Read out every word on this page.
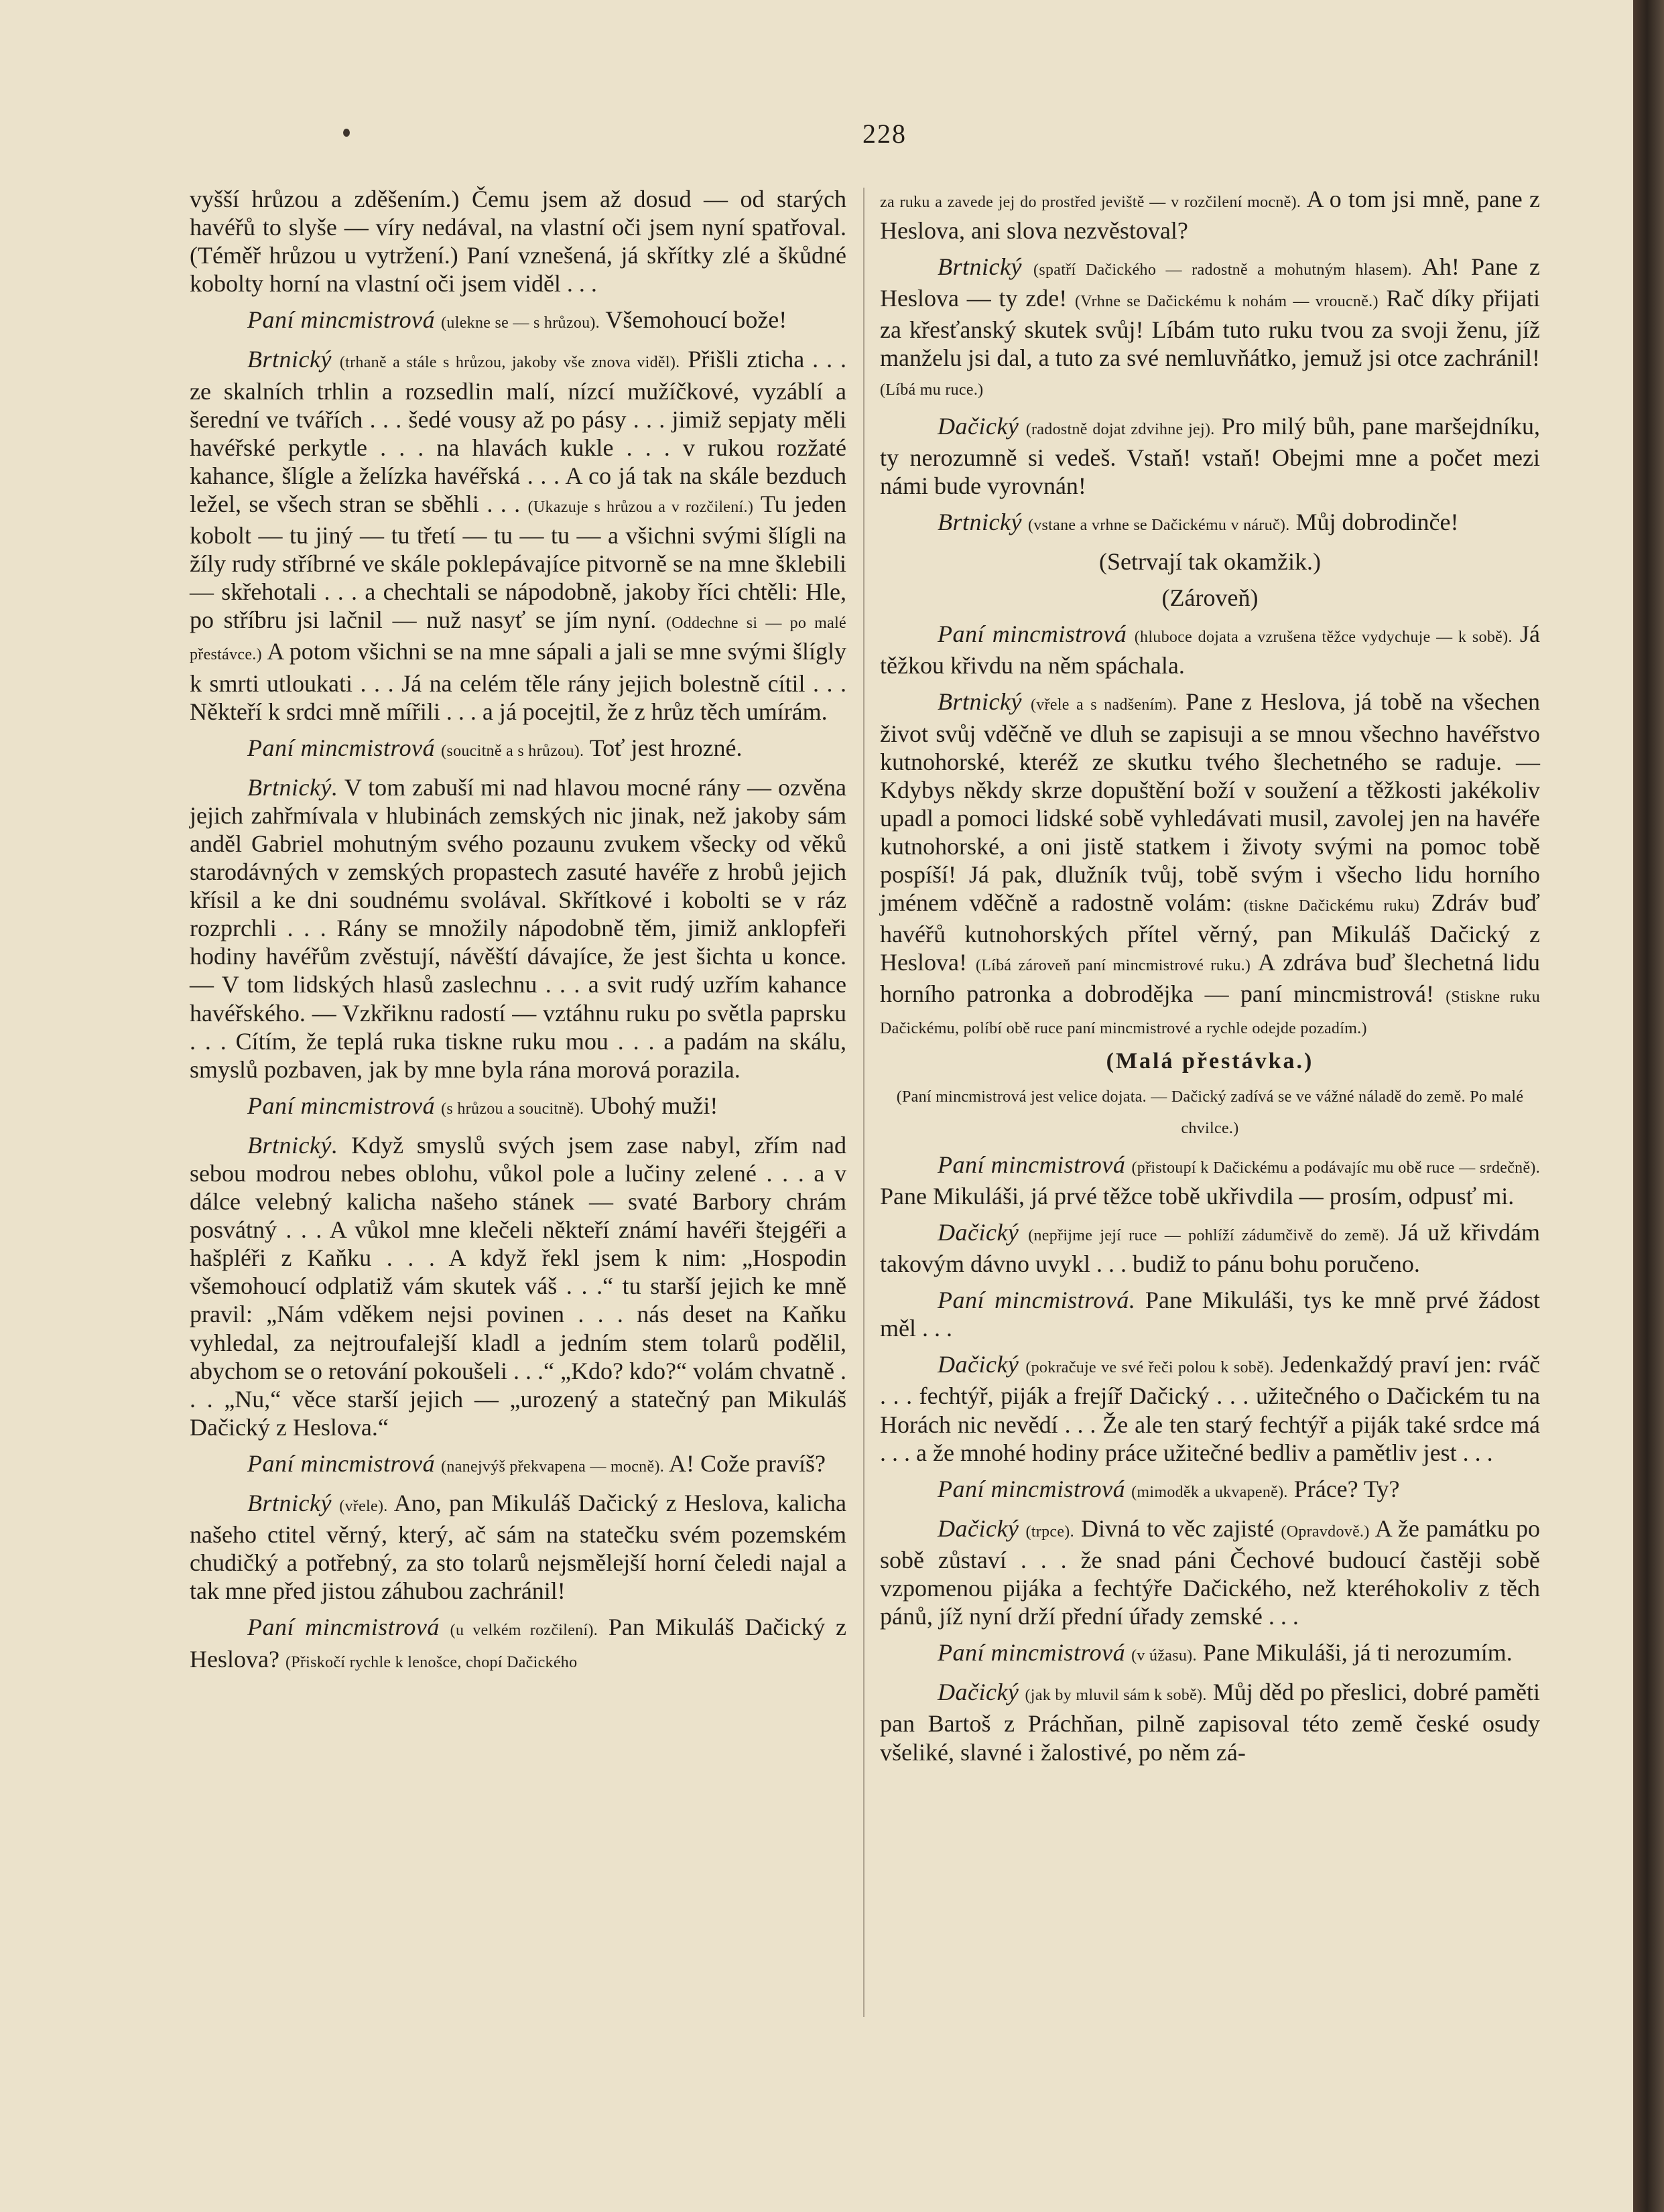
228

vyšší hrůzou a zděšením.) Čemu jsem až dosud — od starých havéřů to slyše — víry nedával, na vlastní oči jsem nyní spatřoval. (Téměř hrůzou u vytržení.) Paní vznešená, já skřítky zlé a škůdné kobolty horní na vlastní oči jsem viděl . . .

Paní mincmistrová (ulekne se — s hrůzou). Všemohoucí bože!

Brtnický (trhaně a stále s hrůzou, jakoby vše znova viděl). Přišli zticha . . . ze skalních trhlin a rozsedlin malí, nízcí mužíčkové, vyzáblí a šerední ve tvářích . . . šedé vousy až po pásy . . . jimiž sepjaty měli havéřské perkytle . . . na hlavách kukle . . . v rukou rozžaté kahance, šlígle a želízka havéřská . . . A co já tak na skále bezduch ležel, se všech stran se sběhli . . . (Ukazuje s hrůzou a v rozčilení.) Tu jeden kobolt — tu jiný — tu třetí — tu — tu — a všichni svými šlígli na žíly rudy stříbrné ve skále poklepávajíce pitvorně se na mne šklebili — skřehotali . . . a chechtali se nápodobně, jakoby říci chtěli: Hle, po stříbru jsi lačnil — nuž nasyť se jím nyní. (Oddechne si — po malé přestávce.) A potom všichni se na mne sápali a jali se mne svými šlígly k smrti utloukati . . . Já na celém těle rány jejich bolestně cítil . . . Někteří k srdci mně mířili . . . a já pocejtil, že z hrůz těch umírám.

Paní mincmistrová (soucitně a s hrůzou). Toť jest hrozné.

Brtnický. V tom zabuší mi nad hlavou mocné rány — ozvěna jejich zahřmívala v hlubinách zemských nic jinak, než jakoby sám anděl Gabriel mohutným svého pozaunu zvukem všecky od věků starodávných v zemských propastech zasuté havéře z hrobů jejich křísil a ke dni soudnému svolával. Skřítkové i kobolti se v ráz rozprchli . . . Rány se množily nápodobně těm, jimiž anklopfeři hodiny havéřům zvěstují, návěští dávajíce, že jest šichta u konce. — V tom lidských hlasů zaslechnu . . . a svit rudý uzřím kahance havéřského. — Vzkřiknu radostí — vztáhnu ruku po světla paprsku . . . Cítím, že teplá ruka tiskne ruku mou . . . a padám na skálu, smyslů pozbaven, jak by mne byla rána morová porazila.

Paní mincmistrová (s hrůzou a soucitně). Ubohý muži!

Brtnický. Když smyslů svých jsem zase nabyl, zřím nad sebou modrou nebes oblohu, vůkol pole a lučiny zelené . . . a v dálce velebný kalicha našeho stánek — svaté Barbory chrám posvátný . . . A vůkol mne klečeli někteří známí havéři štejgéři a hašpléři z Kaňku . . . A když řekl jsem k nim: „Hospodin všemohoucí odplatiž vám skutek váš . . .“ tu starší jejich ke mně pravil: „Nám vděkem nejsi povinen . . . nás deset na Kaňku vyhledal, za nejtroufalejší kladl a jedním stem tolarů podělil, abychom se o retování pokoušeli . . .“ „Kdo? kdo?“ volám chvatně . . . „Nu,“ věce starší jejich — „urozený a statečný pan Mikuláš Dačický z Heslova.“

Paní mincmistrová (nanejvýš překvapena — mocně). A! Cože pravíš?

Brtnický (vřele). Ano, pan Mikuláš Dačický z Heslova, kalicha našeho ctitel věrný, který, ač sám na statečku svém pozemském chudičký a potřebný, za sto tolarů nejsmělejší horní čeledi najal a tak mne před jistou záhubou zachránil!

Paní mincmistrová (u velkém rozčilení). Pan Mikuláš Dačický z Heslova? (Přiskočí rychle k lenošce, chopí Dačického

za ruku a zavede jej do prostřed jeviště — v rozčilení mocně). A o tom jsi mně, pane z Heslova, ani slova nezvěstoval?

Brtnický (spatří Dačického — radostně a mohutným hlasem). Ah! Pane z Heslova — ty zde! (Vrhne se Dačickému k nohám — vroucně.) Rač díky přijati za křesťanský skutek svůj! Líbám tuto ruku tvou za svoji ženu, jíž manželu jsi dal, a tuto za své nemluvňátko, jemuž jsi otce zachránil! (Líbá mu ruce.)

Dačický (radostně dojat zdvihne jej). Pro milý bůh, pane maršejdníku, ty nerozumně si vedeš. Vstaň! vstaň! Obejmi mne a počet mezi námi bude vyrovnán!

Brtnický (vstane a vrhne se Dačickému v náruč). Můj dobrodinče!

(Setrvají tak okamžik.)

(Zároveň)

Paní mincmistrová (hluboce dojata a vzrušena těžce vydychuje — k sobě). Já těžkou křivdu na něm spáchala.

Brtnický (vřele a s nadšením). Pane z Heslova, já tobě na všechen život svůj vděčně ve dluh se zapisuji a se mnou všechno havéřstvo kutnohorské, kteréž ze skutku tvého šlechetného se raduje. — Kdybys někdy skrze dopuštění boží v soužení a těžkosti jakékoliv upadl a pomoci lidské sobě vyhledávati musil, zavolej jen na havéře kutnohorské, a oni jistě statkem i životy svými na pomoc tobě pospíší! Já pak, dlužník tvůj, tobě svým i všecho lidu horního jménem vděčně a radostně volám: (tiskne Dačickému ruku) Zdráv buď havéřů kutnohorských přítel věrný, pan Mikuláš Dačický z Heslova! (Líbá zároveň paní mincmistrové ruku.) A zdráva buď šlechetná lidu horního patronka a dobrodějka — paní mincmistrová! (Stiskne ruku Dačickému, políbí obě ruce paní mincmistrové a rychle odejde pozadím.)

(Malá přestávka.)

(Paní mincmistrová jest velice dojata. — Dačický zadívá se ve vážné náladě do země. Po malé chvilce.)

Paní mincmistrová (přistoupí k Dačickému a podávajíc mu obě ruce — srdečně). Pane Mikuláši, já prvé těžce tobě ukřivdila — prosím, odpusť mi.

Dačický (nepřijme její ruce — pohlíží zádumčivě do země). Já už křivdám takovým dávno uvykl . . . budiž to pánu bohu poručeno.

Paní mincmistrová. Pane Mikuláši, tys ke mně prvé žádost měl . . .

Dačický (pokračuje ve své řeči polou k sobě). Jedenkaždý praví jen: rváč . . . fechtýř, piják a frejíř Dačický . . . užitečného o Dačickém tu na Horách nic nevědí . . . Že ale ten starý fechtýř a piják také srdce má . . . a že mnohé hodiny práce užitečné bedliv a pamětliv jest . . .

Paní mincmistrová (mimoděk a ukvapeně). Práce? Ty?

Dačický (trpce). Divná to věc zajisté (Opravdově.) A že památku po sobě zůstaví . . . že snad páni Čechové budoucí častěji sobě vzpomenou pijáka a fechtýře Dačického, než kteréhokoliv z těch pánů, jíž nyní drží přední úřady zemské . . .

Paní mincmistrová (v úžasu). Pane Mikuláši, já ti nerozumím.

Dačický (jak by mluvil sám k sobě). Můj děd po přeslici, dobré paměti pan Bartoš z Práchňan, pilně zapisoval této země české osudy všeliké, slavné i žalostivé, po něm zá-
